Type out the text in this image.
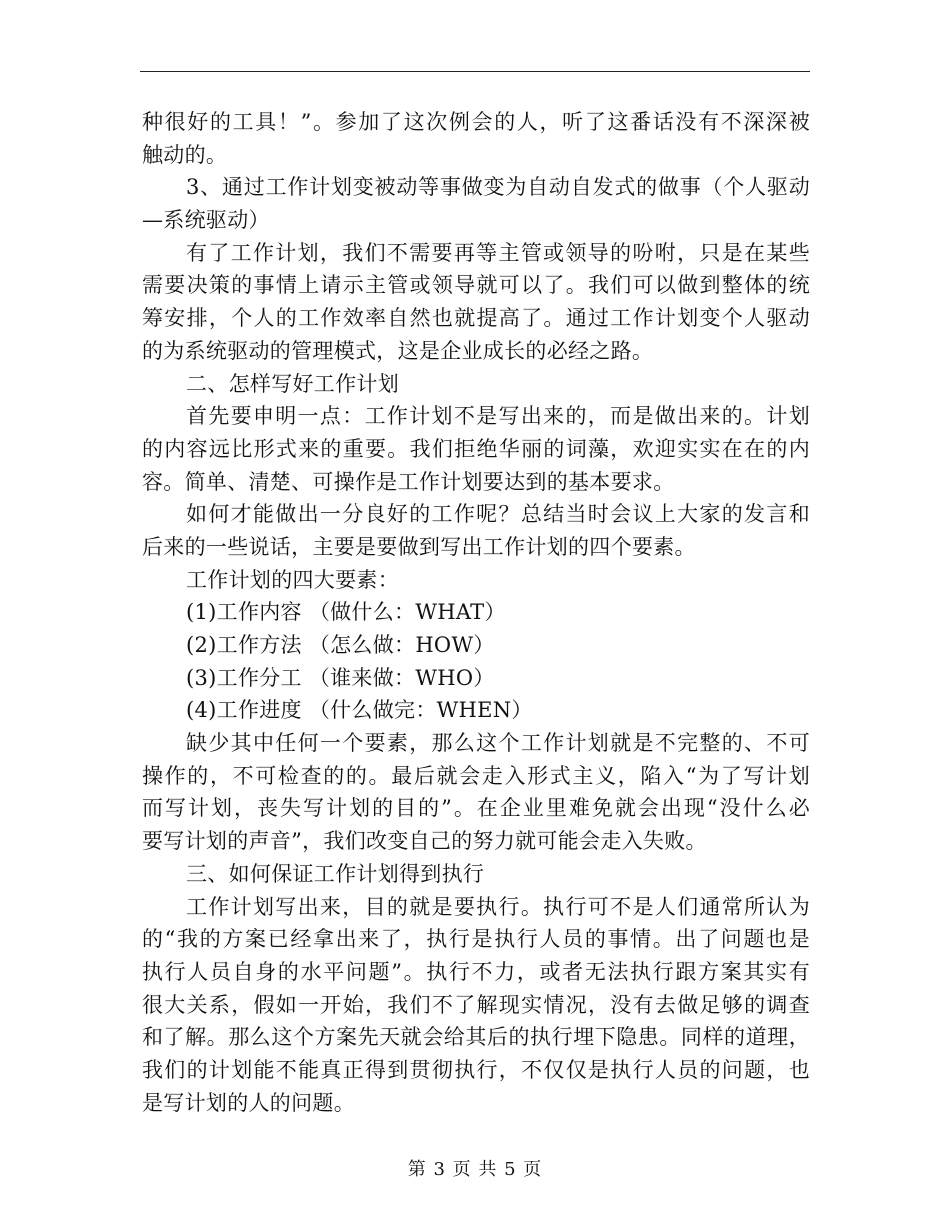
种很好的工具！”。参加了这次例会的人，听了这番话没有不深深被
触动的。
3、通过工作计划变被动等事做变为自动自发式的做事（个人驱动
—系统驱动）
有了工作计划，我们不需要再等主管或领导的吩咐，只是在某些
需要决策的事情上请示主管或领导就可以了。我们可以做到整体的统
筹安排，个人的工作效率自然也就提高了。通过工作计划变个人驱动
的为系统驱动的管理模式，这是企业成长的必经之路。
二、怎样写好工作计划
首先要申明一点：工作计划不是写出来的，而是做出来的。计划
的内容远比形式来的重要。我们拒绝华丽的词藻，欢迎实实在在的内
容。简单、清楚、可操作是工作计划要达到的基本要求。
如何才能做出一分良好的工作呢？总结当时会议上大家的发言和
后来的一些说话，主要是要做到写出工作计划的四个要素。
工作计划的四大要素：
(1)工作内容 （做什么：WHAT）
(2)工作方法 （怎么做：HOW）
(3)工作分工 （谁来做：WHO）
(4)工作进度 （什么做完：WHEN）
缺少其中任何一个要素，那么这个工作计划就是不完整的、不可
操作的，不可检查的的。最后就会走入形式主义，陷入“为了写计划
而写计划，丧失写计划的目的”。在企业里难免就会出现“没什么必
要写计划的声音”，我们改变自己的努力就可能会走入失败。
三、如何保证工作计划得到执行
工作计划写出来，目的就是要执行。执行可不是人们通常所认为
的“我的方案已经拿出来了，执行是执行人员的事情。出了问题也是
执行人员自身的水平问题”。执行不力，或者无法执行跟方案其实有
很大关系，假如一开始，我们不了解现实情况，没有去做足够的调查
和了解。那么这个方案先天就会给其后的执行埋下隐患。同样的道理，
我们的计划能不能真正得到贯彻执行，不仅仅是执行人员的问题，也
是写计划的人的问题。
第 3 页 共 5 页
